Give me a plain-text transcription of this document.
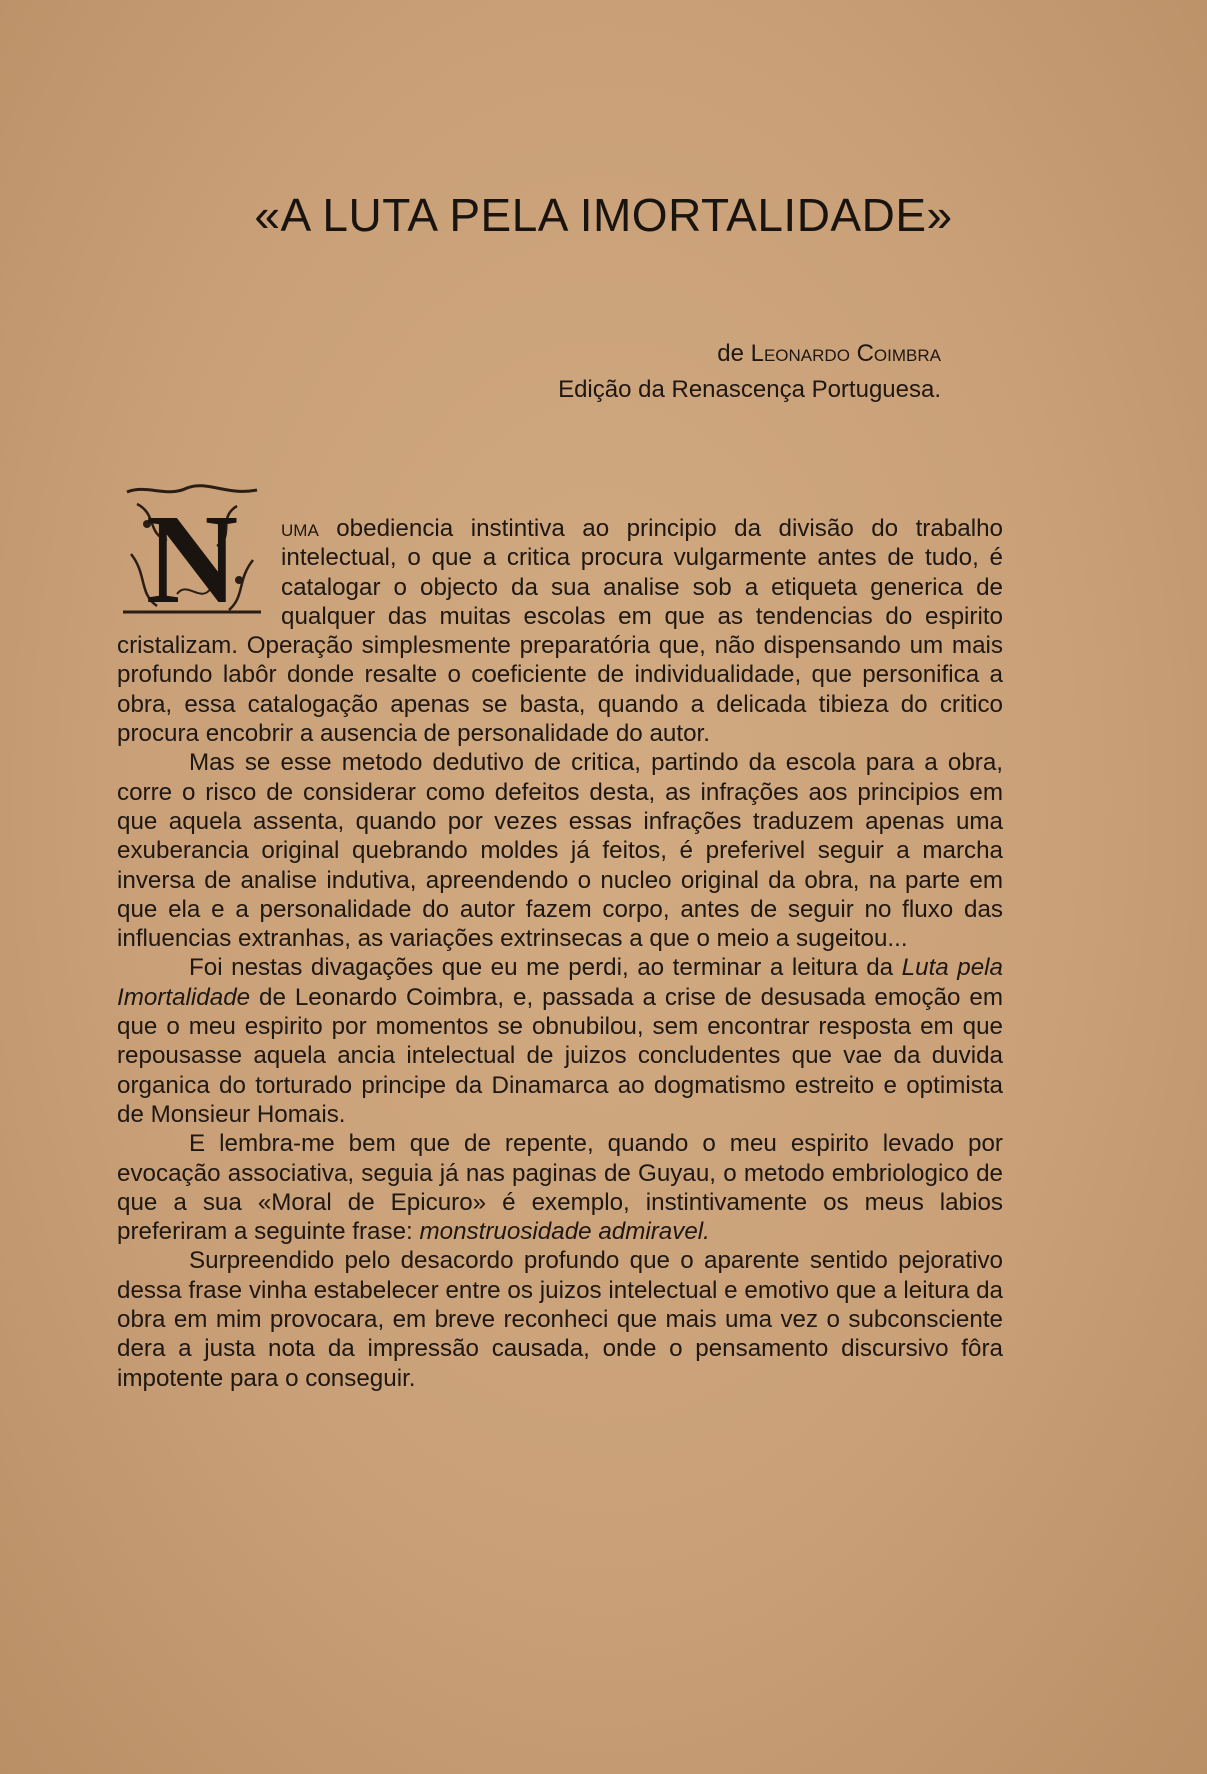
«A LUTA PELA IMORTALIDADE»
de Leonardo Coimbra
Edição da Renascença Portuguesa.

N uma obediencia instintiva ao principio da divisão do trabalho intelectual, o que a critica procura vulgarmente antes de tudo, é catalogar o objecto da sua analise sob a etiqueta generica de qualquer das muitas escolas em que as tendencias do espirito cristalizam. Operação simplesmente preparatória que, não dispensando um mais profundo labôr donde resalte o coeficiente de individualidade, que personifica a obra, essa catalogação apenas se basta, quando a delicada tibieza do critico procura encobrir a ausencia de personalidade do autor.

Mas se esse metodo dedutivo de critica, partindo da escola para a obra, corre o risco de considerar como defeitos desta, as infrações aos principios em que aquela assenta, quando por vezes essas infrações traduzem apenas uma exuberancia original quebrando moldes já feitos, é preferivel seguir a marcha inversa de analise indutiva, apreendendo o nucleo original da obra, na parte em que ela e a personalidade do autor fazem corpo, antes de seguir no fluxo das influencias extranhas, as variações extrinsecas a que o meio a sugeitou...

Foi nestas divagações que eu me perdi, ao terminar a leitura da Luta pela Imortalidade de Leonardo Coimbra, e, passada a crise de desusada emoção em que o meu espirito por momentos se obnubilou, sem encontrar resposta em que repousasse aquela ancia intelectual de juizos concludentes que vae da duvida organica do torturado principe da Dinamarca ao dogmatismo estreito e optimista de Monsieur Homais.

E lembra-me bem que de repente, quando o meu espirito levado por evocação associativa, seguia já nas paginas de Guyau, o metodo embriologico de que a sua «Moral de Epicuro» é exemplo, instintivamente os meus labios preferiram a seguinte frase: monstruosidade admiravel.

Surpreendido pelo desacordo profundo que o aparente sentido pejorativo dessa frase vinha estabelecer entre os juizos intelectual e emotivo que a leitura da obra em mim provocara, em breve reconheci que mais uma vez o subconsciente dera a justa nota da impressão causada, onde o pensamento discursivo fôra impotente para o conseguir.
